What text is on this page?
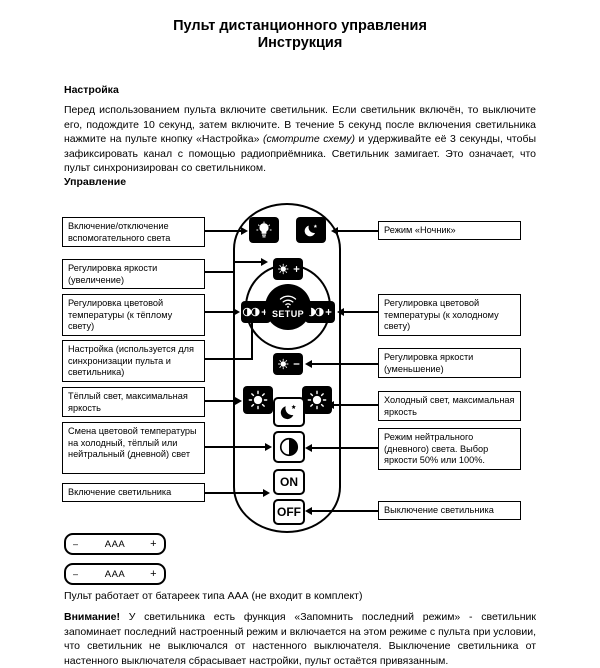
Пульт дистанционного управления
Инструкция
Настройка
Перед использованием пульта включите светильник. Если светильник включён, то выключите его, подождите 10 секунд, затем включите. В течение 5 секунд после включения светильника нажмите на пульте кнопку «Настройка» (смотрите схему) и удерживайте её 3 секунды, чтобы зафиксировать канал с помощью радиоприёмника. Светильник замигает. Это означает, что пульт синхронизирован со светильником.
Управление
SETUP
ON
OFF
Включение/отключение вспомогательного света
Регулировка яркости (увеличение)
Регулировка цветовой температуры (к тёплому свету)
Настройка (используется для синхронизации пульта и светильника)
Тёплый свет, максимальная яркость
Смена цветовой температуры на холодный, тёплый или нейтральный (дневной) свет
Включение светильника
Режим «Ночник»
Регулировка цветовой температуры (к холодному свету)
Регулировка яркости (уменьшение)
Холодный свет, максимальная яркость
Режим нейтрального (дневного) света. Выбор яркости 50% или 100%.
Выключение светильника
–	AAA +
–	AAA +
Пульт работает от батареек типа ААА (не входит в комплект)
Внимание! У светильника есть функция «Запомнить последний режим» - светильник запоминает последний настроенный режим и включается на этом режиме с пульта при условии, что светильник не выключался от настенного выключателя. Выключение светильника от настенного выключателя сбрасывает настройки, пульт остаётся привязанным.
